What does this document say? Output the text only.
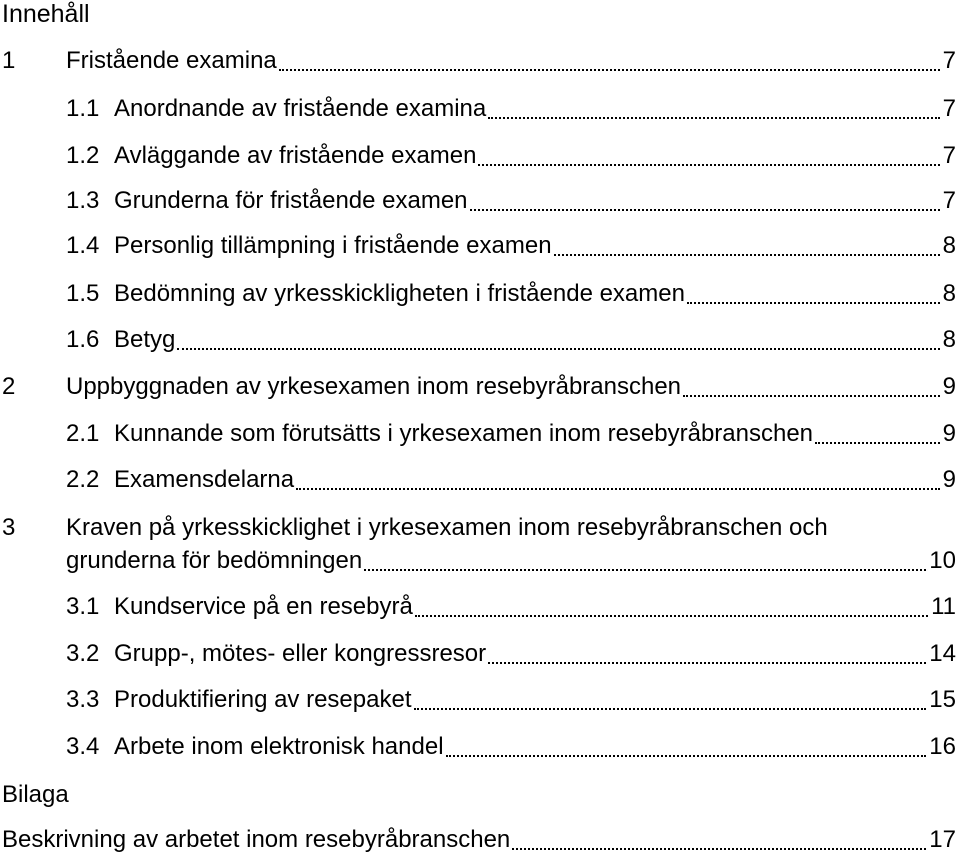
Innehåll
1	Fristående examina	7
1.1 Anordnande av fristående examina	7
1.2 Avläggande av fristående examen	7
1.3 Grunderna för fristående examen	7
1.4 Personlig tillämpning i fristående examen	8
1.5 Bedömning av yrkesskickligheten i fristående examen	8
1.6 Betyg	8
2	Uppbyggnaden av yrkesexamen inom resebyråbranschen	9
2.1 Kunnande som förutsätts i yrkesexamen inom resebyråbranschen	9
2.2 Examensdelarna	9
3 Kraven på yrkesskicklighet i yrkesexamen inom resebyråbranschen och
grunderna för bedömningen	10
3.1 Kundservice på en resebyrå	11
3.2 Grupp-, mötes- eller kongressresor	14
3.3 Produktifiering av resepaket	15
3.4 Arbete inom elektronisk handel	16
Bilaga
Beskrivning av arbetet inom resebyråbranschen	17
